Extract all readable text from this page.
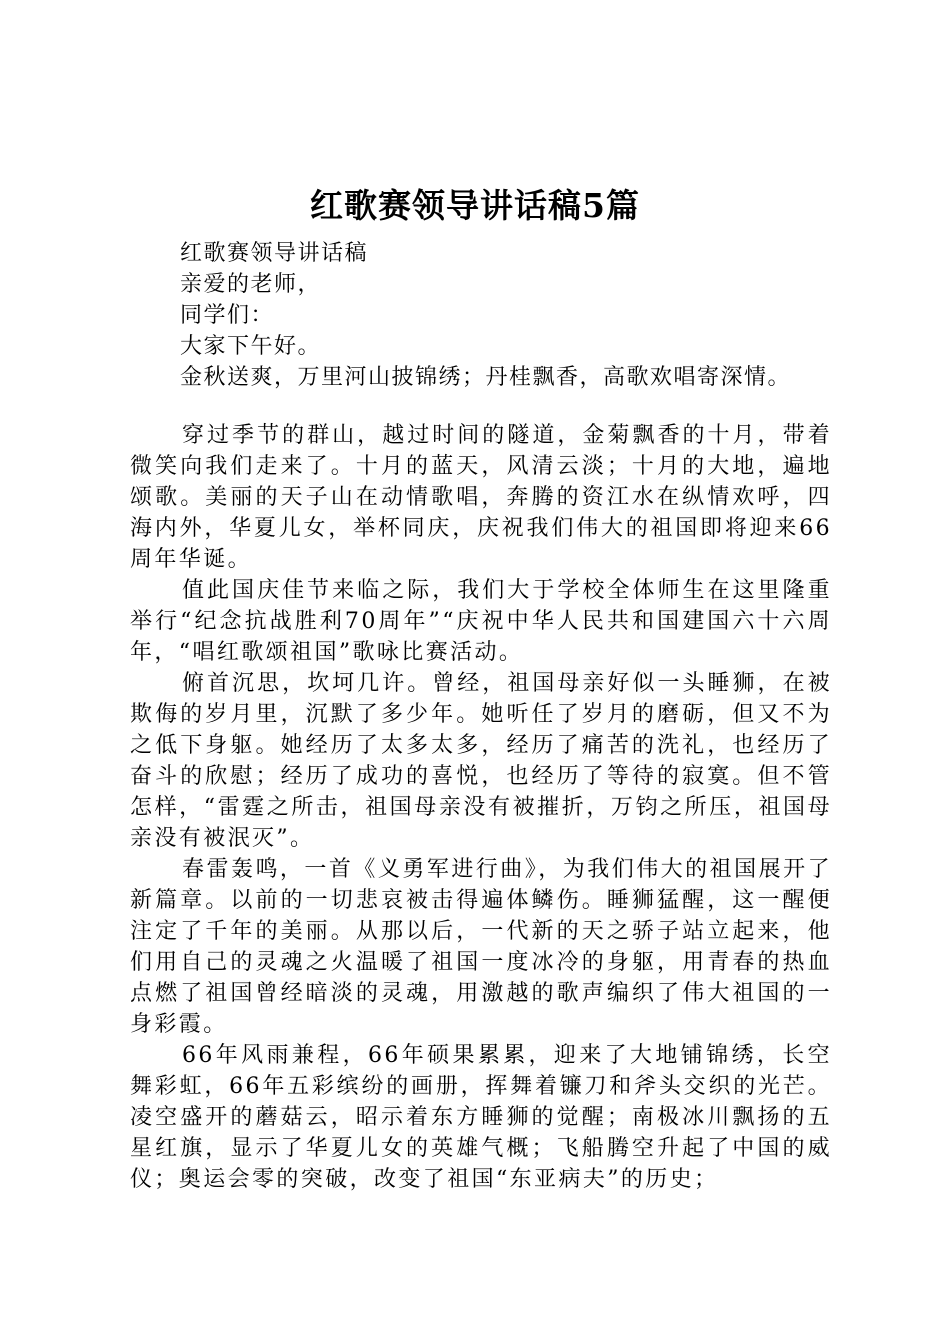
红歌赛领导讲话稿5篇
红歌赛领导讲话稿
亲爱的老师，
同学们：
大家下午好。
金秋送爽，万里河山披锦绣；丹桂飘香，高歌欢唱寄深情。

穿过季节的群山，越过时间的隧道，金菊飘香的十月，带着微笑向我们走来了。十月的蓝天，风清云淡；十月的大地，遍地颂歌。美丽的天子山在动情歌唱，奔腾的资江水在纵情欢呼，四海内外，华夏儿女，举杯同庆，庆祝我们伟大的祖国即将迎来66周年华诞。

值此国庆佳节来临之际，我们大于学校全体师生在这里隆重举行“纪念抗战胜利70周年”“庆祝中华人民共和国建国六十六周年，“唱红歌颂祖国”歌咏比赛活动。

俯首沉思，坎坷几许。曾经，祖国母亲好似一头睡狮，在被欺侮的岁月里，沉默了多少年。她听任了岁月的磨砺，但又不为之低下身躯。她经历了太多太多，经历了痛苦的洗礼，也经历了奋斗的欣慰；经历了成功的喜悦，也经历了等待的寂寞。但不管怎样，“雷霆之所击，祖国母亲没有被摧折，万钧之所压，祖国母亲没有被泯灭”。

春雷轰鸣，一首《义勇军进行曲》，为我们伟大的祖国展开了新篇章。以前的一切悲哀被击得遍体鳞伤。睡狮猛醒，这一醒便注定了千年的美丽。从那以后，一代新的天之骄子站立起来，他们用自己的灵魂之火温暖了祖国一度冰冷的身躯，用青春的热血点燃了祖国曾经暗淡的灵魂，用激越的歌声编织了伟大祖国的一身彩霞。

66年风雨兼程，66年硕果累累，迎来了大地铺锦绣，长空舞彩虹，66年五彩缤纷的画册，挥舞着镰刀和斧头交织的光芒。凌空盛开的蘑菇云，昭示着东方睡狮的觉醒；南极冰川飘扬的五星红旗，显示了华夏儿女的英雄气概；飞船腾空升起了中国的威仪；奥运会零的突破，改变了祖国“东亚病夫”的历史；
